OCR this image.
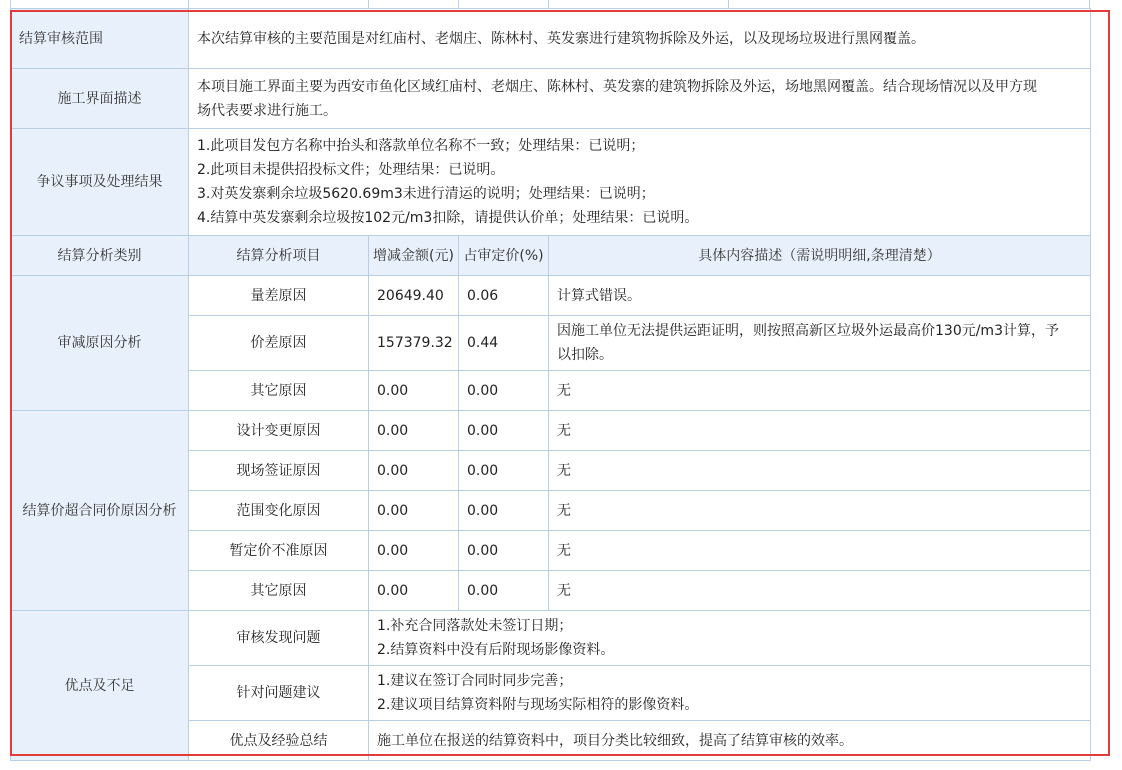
结算审核范围	本次结算审核的主要范围是对红庙村、老烟庄、陈林村、英发寨进行建筑物拆除及外运，以及现场垃圾进行黑网覆盖。			
施工界面描述	本项目施工界面主要为西安市鱼化区域红庙村、老烟庄、陈林村、英发寨的建筑物拆除及外运，场地黑网覆盖。结合现场情况以及甲方现
场代表要求进行施工。			

争议事项及处理结果	1.此项目发包方名称中抬头和落款单位名称不一致；处理结果：已说明；
2.此项目未提供招投标文件；处理结果：已说明。
3.对英发寨剩余垃圾5620.69m3未进行清运的说明；处理结果：已说明；
4.结算中英发寨剩余垃圾按102元/m3扣除，请提供认价单；处理结果：已说明。			

结算分析类别	结算分析项目	增减金额(元)	占审定价(%)	具体内容描述（需说明明细,条理清楚）
审减原因分析	量差原因	20649.40	0.06	计算式错误。
	价差原因	157379.32	0.44	因施工单位无法提供运距证明，则按照高新区垃圾外运最高价130元/m3计算，予
以扣除。

	其它原因	0.00	0.00	无
结算价超合同价原因分析	设计变更原因	0.00	0.00	无
	现场签证原因	0.00	0.00	无
	范围变化原因	0.00	0.00	无
	暂定价不准原因	0.00	0.00	无
	其它原因	0.00	0.00	无
优点及不足	审核发现问题	1.补充合同落款处未签订日期；
2.结算资料中没有后附现场影像资料。		

	针对问题建议	1.建议在签订合同时同步完善；
2.建议项目结算资料附与现场实际相符的影像资料。		

	优点及经验总结	施工单位在报送的结算资料中，项目分类比较细致，提高了结算审核的效率。		
